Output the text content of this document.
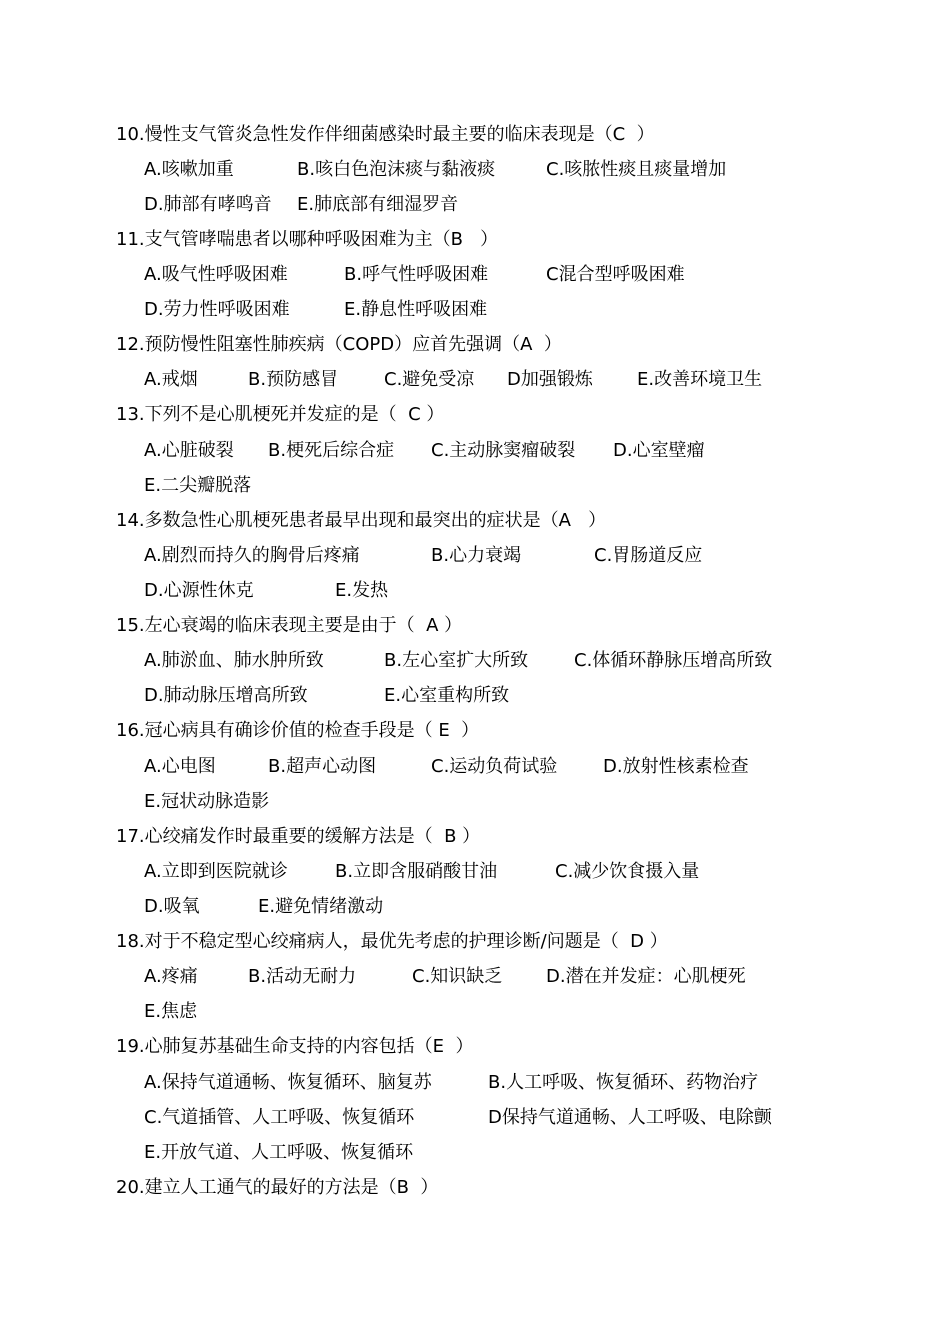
10.慢性支气管炎急性发作伴细菌感染时最主要的临床表现是（C  ）
A.咳嗽加重	B.咳白色泡沫痰与黏液痰	C.咳脓性痰且痰量增加
D.肺部有哮鸣音 E.肺底部有细湿罗音
11.支气管哮喘患者以哪种呼吸困难为主（B   ）
A.吸气性呼吸困难	B.呼气性呼吸困难	C混合型呼吸困难
D.劳力性呼吸困难	E.静息性呼吸困难
12.预防慢性阻塞性肺疾病（COPD）应首先强调（A  ）
A.戒烟	B.预防感冒	C.避免受凉 D加强锻炼 E.改善环境卫生
13.下列不是心肌梗死并发症的是（  C ）
A.心脏破裂 B.梗死后综合症 C.主动脉窦瘤破裂 D.心室壁瘤
E.二尖瓣脱落
14.多数急性心肌梗死患者最早出现和最突出的症状是（A   ）
A.剧烈而持久的胸骨后疼痛	B.心力衰竭	C.胃肠道反应
D.心源性休克	E.发热
15.左心衰竭的临床表现主要是由于（  A ）
A.肺淤血、肺水肿所致	B.左心室扩大所致	C.体循环静脉压增高所致
D.肺动脉压增高所致	E.心室重构所致
16.冠心病具有确诊价值的检查手段是（ E  ）
A.心电图	B.超声心动图	C.运动负荷试验	D.放射性核素检查
E.冠状动脉造影
17.心绞痛发作时最重要的缓解方法是（  B ）
A.立即到医院就诊	B.立即含服硝酸甘油	C.减少饮食摄入量
D.吸氧	E.避免情绪激动
18.对于不稳定型心绞痛病人，最优先考虑的护理诊断/问题是（  D ）
A.疼痛	B.活动无耐力	C.知识缺乏 D.潜在并发症：心肌梗死
E.焦虑
19.心肺复苏基础生命支持的内容包括（E  ）
A.保持气道通畅、恢复循环、脑复苏	B.人工呼吸、恢复循环、药物治疗
C.气道插管、人工呼吸、恢复循环	D保持气道通畅、人工呼吸、电除颤
E.开放气道、人工呼吸、恢复循环
20.建立人工通气的最好的方法是（B  ）
